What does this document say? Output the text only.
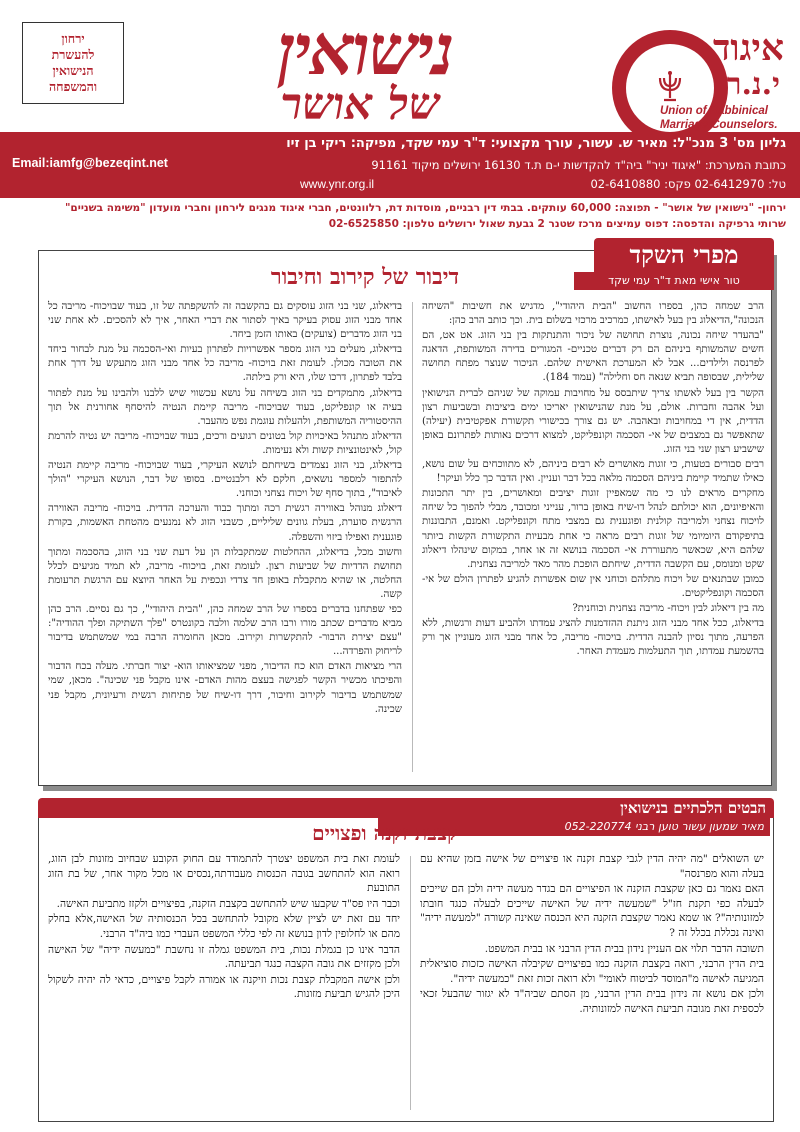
ירחון
להעשרת
הנישואין
והמשפחה	נישואין
של אושר
איגוד
י.נ.ר
Union of Rabbinical Marriage Counselors.
גליון מס' 3 מנכ"ל: מאיר ש. עשור, עורך מקצועי: ד"ר עמי שקד, מפיקה: ריקי בן זיו
כתובת המערכת: "איגוד יניר" ביה"ד להקדשות י-ם ת.ד 16130 ירושלים מיקוד 91161
טל: 02-6412970 פקס: 02-6410880
Email:iamfg@bezeqint.net
www.ynr.org.il
ירחון- "נישואין של אושר" - תפוצה: 60,000 עותקים. בבתי דין רבניים, מוסדות דת, רלוונטים, חברי איגוד מנגים לירחון וחברי מועדון "משימה בשניים"
שרותי גרפיקה והדפסה: דפוס עמיצים מרכז שטנר 2 גבעת שאול ירושלים טלפון: 02-6525850
מפרי השקד
טור אישי מאת ד"ר עמי שקד
דיבור של קירוב וחיבור

הרב שמחה כהן, בספרו החשוב "הבית היהודי", מדגיש את חשיבות "השיחה הנכונה",הדיאלוג בין בעל לאישתו, כמרכיב מרכזי בשלום בית. וכך כותב הרב כהן:

"בהעדר שיחה נכונה, נוצרת תחושה של ניכור והתנתקות בין בני הזוג. אט אט, הם חשים שהמשותף ביניהם הם רק דברים טכניים- המגורים בדירה המשותפת, הדאגה לפרנסה ולילדים... אבל לא המערכת האישית שלהם. הניכור שנוצר מפתח תחושה שלילית, שבסופה תביא שנאה חס וחלילה" (עמוד 184).

הקשר בין בעל לאשתו צריך שיתבסס על מחויבות עמוקה של שניהם לברית הנישואין ועל אהבה וחברות. אולם, על מנת שהנישואין יאריכו ימים ביציבות ובשביעות רצון הדדית, אין די במחויבות ובאהבה. יש גם צורך בכישורי תקשורת אפקטיבית (יעילה) שתאפשר גם במצבים של אי- הסכמה וקונפליקט, למצוא דרכים נאותות לפתרונם באופן שישביע רצון שני בני הזוג.

רבים סבורים בטעות, כי זוגות מאושרים לא רבים ביניהם, לא מתווכחים על שום נושא, כאילו שתמיד קיימת ביניהם הסכמה מלאה בכל דבר ועניין. ואין הדבר כך כלל ועיקר!

מחקרים מראים לנו כי מה שמאפיין זוגות יציבים ומאושרים, בין יתר התכונות והאיפיונים, הוא יכולתם לנהל דו-שיח באופן ברור, ענייני ומכובד, מבלי להפוך כל שיחה לויכוח נצחני ולמריבה קולנית ופוגענית גם במצבי מתח וקונפליקט. ואמנם, התבוננות בתיפקודם היומיומי של זוגות רבים מראה כי אחת מבעיות התקשורת הקשות ביותר שלהם היא, שכאשר מתעוררת אי- הסכמה בנושא זה או אחר, במקום שינהלו דיאלוג שקט ומנומס, עם הקשבה הדדית, שיחתם הופכת מהר מאד למריבה נצחנית.

כמובן שבתנאים של ויכוח מתלהם וכוחני אין שום אפשרות להגיע לפתרון הולם של אי- הסכמה וקונפליקטים.

מה בין דיאלוג לבין ויכוח- מריבה נצחנית וכוחנית?

בדיאלוג, ככל אחד מבני הזוג ניתנת ההזדמנות להציג עמדתו ולהביע דעות ורגשות, ללא הפרעה, מתוך נסיון להבנה הדדית. בויכוח- מריבה, כל אחד מבני הזוג מעוניין אך ורק בהשמעת עמדתו, תוך התעלמות מעמדת האחר.

בדיאלוג, שני בני הזוג עוסקים גם בהקשבה זה להשקפתה של זו, בעוד שבויכוח- מריבה כל אחד מבני הזוג עסוק בעיקר באיך לסתור את דברי האחר, איך לא להסכים. לא אחת שני בני הזוג מדברים (צועקים) באותו הזמן ביחד.

בדיאלוג, מעלים בני הזוג מספר אפשרויות לפתרון בעיות ואי-הסכמה על מנת לבחור ביחד את הטובה מכולן. לעומת זאת בויכוח- מריבה כל אחד מבני הזוג מתעקש על דרך אחת בלבד לפתרון, דרכו שלו, היא ורק בילתה.

בדיאלוג, מתמקדים בני הזוג בשיחה על נושא עכשווי שיש ללבנו ולהבינו על מנת לפתור בעיה או קונפליקט, בעוד שבויכוח- מריבה קיימת הנטיה להיסחף אחורנית אל תוך ההיסטוריה המשותפת, ולהעלות עוגמת נפש מהעבר.

הדיאלוג מתנהל באיכויות קול בטונים רגועים ורכים, בעוד שבויכוח- מריבה יש נטיה להרמת קול, לאינטונציות קשות ולא נעימות.

בדיאלוג, בני הזוג נצמדים בשיחתם לנושא העיקרי, בעוד שבויכוח- מריבה קיימת הנטיה להתפזר למספר נושאים, חלקם לא רלבנטיים. בסופו של דבר, הנושא העיקרי "הולך לאיבוד", בתוך סחף של ויכוח נצחני וכוחני.

דיאלוג מנוהל באווירה רגשית רכה ומתוך כבוד והערכה הדדית. בויכוח- מריבה האווירה הרגשית סוערת, בעלת גוונים שליליים, כשבני הזוג לא נמנעים מהטחת האשמות, בקורת פוגענית ואפילו ביזוי והשפלה.

וחשוב מכל, בדיאלוג, ההחלטות שמתקבלות הן על דעת שני בני הזוג, בהסכמה ומתוך תחושת הדדיות של שביעות רצון. לעומת זאת, בויכוח- מריבה, לא תמיד מגיעים לכלל החלטה, או שהיא מתקבלת באופן חד צדדי ונכפית על האחר היוצא עם הרגשת תרעומת קשה.

כפי שפתחנו בדברים בספרו של הרב שמחה כהן, "הבית היהודי", כך גם נסיים. הרב כהן מביא מדברים שכתב מורו ורבו הרב שלמה וולבה בקונטרס "פלך השתיקה ופלך ההודיה": "עצם יצירת הדבור- להתקשרות וקירוב. מכאן החומרה הרבה במי שמשתמש בדיבור לריחוק והפרדה...

הרי מציאות האדם הוא כח הדיבור, מפני שמציאותו הוא- יצור חברתי. מעלה בכח הדבור והפיכתו מכשיר הקשר לפגישה בעצם מהות האדם- אינו מקבל פני שכינה". מכאן, שמי שמשתמש בדיבור לקירוב וחיבור, דרך דו-שיח של פתיחות רגשית ורעיונית, מקבל פני שכינה.

הבטים הלכתיים בנישואין
מאיר שמעון עשור טוען רבני 052-220774
קצבת זקנה ופצויים

יש השואלים "מה יהיה הדין לגבי קצבת זקנה או פיצויים של אישה בזמן שהיא עם בעלה והוא מפרנסה"

האם נאמר גם כאן שקצבת הזקנה או הפיצויים הם בגדר מעשה ידיה ולכן הם שייכים לבעלה כפי תקנת חז"ל "שמעשה ידיה של האישה שייכים לבעלה כנגד חובתו למזונותיה"? או שמא נאמר שקצבת הזקנה היא הכנסה שאינה קשורה "למעשה ידיה" ואינה נכללת בכלל זה ?

תשובה הדבר תלוי אם העניין נידון בבית הדין הרבני או בבית המשפט.

בית הדין הרבני, רואה בקצבת הזקנה כמו בפיצויים שקיבלה האישה כזכות סוציאלית המגיעה לאישה מ"המוסד לביטוח לאומי" ולא רואה זכות זאת "כמעשה ידיה".

ולכן אם נושא זה נידון בבית הדין הרבני, מן הסתם שביה"ד לא יגזור שהבעל זכאי לכספית זאת מגובה תביעת האישה למזונותיה.

לעומת זאת בית המשפט יצטרך להתמודד עם החוק הקובע שבחיוב מזונות לבן הזוג, רואה הוא להתחשב בגובה הכנסות מעבודתה,נכסים או מכל מקור אחר, של בת הזוג התובעת

וכבר היו פס"ד שקבעו שיש להתחשב בקצבת הזקנה, בפיצויים ולקזז מתביעת האישה.

יחד עם זאת יש לציין שלא מקובל להתחשב בכל הכנסותיה של האישה,אלא בחלק מהם או לחלופין לדון בנושא זה לפי כללי המשפט העברי כמו ביה"ד הרבני.

הדבר אינו כן בגמלת נכות, בית המשפט גמלה זו נחשבת "כמעשה ידיה" של האישה ולכן מקזזים את גובה הקצבה כנגד תביעתה.

ולכן אישה המקבלת קצבת נכות וזיקנה או אמורה לקבל פיצויים, כדאי לה יהיה לשקול היכן להגיש תביעת מזונות.
